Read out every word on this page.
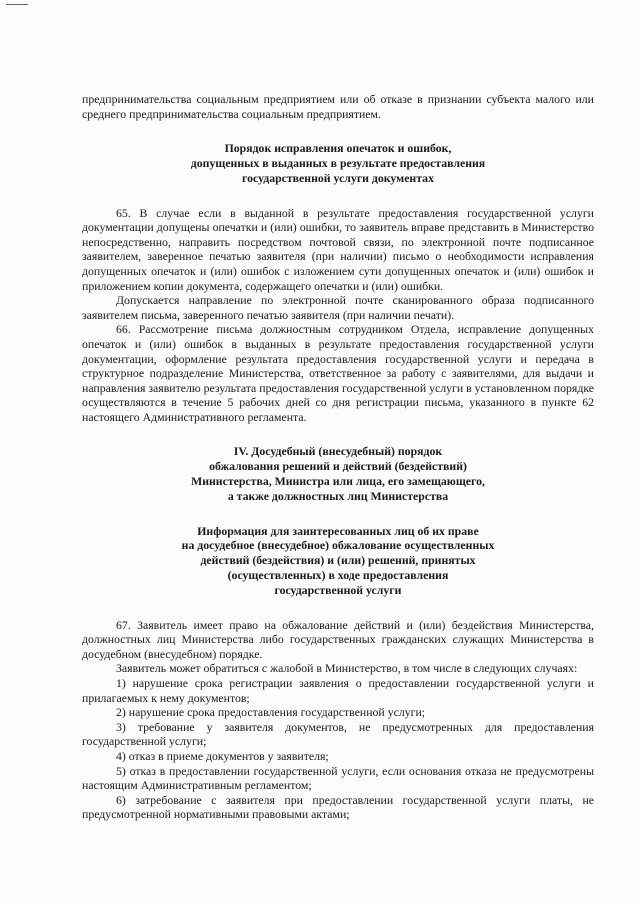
предпринимательства социальным предприятием или об отказе в признании субъекта малого или среднего предпринимательства социальным предприятием.

Порядок исправления опечаток и ошибок,
допущенных в выданных в результате предоставления
государственной услуги документах

65. В случае если в выданной в результате предоставления государственной услуги документации допущены опечатки и (или) ошибки, то заявитель вправе представить в Министерство непосредственно, направить посредством почтовой связи, по электронной почте подписанное заявителем, заверенное печатью заявителя (при наличии) письмо о необходимости исправления допущенных опечаток и (или) ошибок с изложением сути допущенных опечаток и (или) ошибок и приложением копии документа, содержащего опечатки и (или) ошибки.

Допускается направление по электронной почте сканированного образа подписанного заявителем письма, заверенного печатью заявителя (при наличии печати).

66. Рассмотрение письма должностным сотрудником Отдела, исправление допущенных опечаток и (или) ошибок в выданных в результате предоставления государственной услуги документации, оформление результата предоставления государственной услуги и передача в структурное подразделение Министерства, ответственное за работу с заявителями, для выдачи и направления заявителю результата предоставления государственной услуги в установленном порядке осуществляются в течение 5 рабочих дней со дня регистрации письма, указанного в пункте 62 настоящего Административного регламента.

IV. Досудебный (внесудебный) порядок
обжалования решений и действий (бездействий)
Министерства, Министра или лица, его замещающего,
а также должностных лиц Министерства
Информация для заинтересованных лиц об их праве
на досудебное (внесудебное) обжалование осуществленных
действий (бездействия) и (или) решений, принятых
(осуществленных) в ходе предоставления
государственной услуги

67. Заявитель имеет право на обжалование действий и (или) бездействия Министерства, должностных лиц Министерства либо государственных гражданских служащих Министерства в досудебном (внесудебном) порядке.

Заявитель может обратиться с жалобой в Министерство, в том числе в следующих случаях:

1) нарушение срока регистрации заявления о предоставлении государственной услуги и прилагаемых к нему документов;

2) нарушение срока предоставления государственной услуги;

3) требование у заявителя документов, не предусмотренных для предоставления государственной услуги;

4) отказ в приеме документов у заявителя;

5) отказ в предоставлении государственной услуги, если основания отказа не предусмотрены настоящим Административным регламентом;

6) затребование с заявителя при предоставлении государственной услуги платы, не предусмотренной нормативными правовыми актами;
